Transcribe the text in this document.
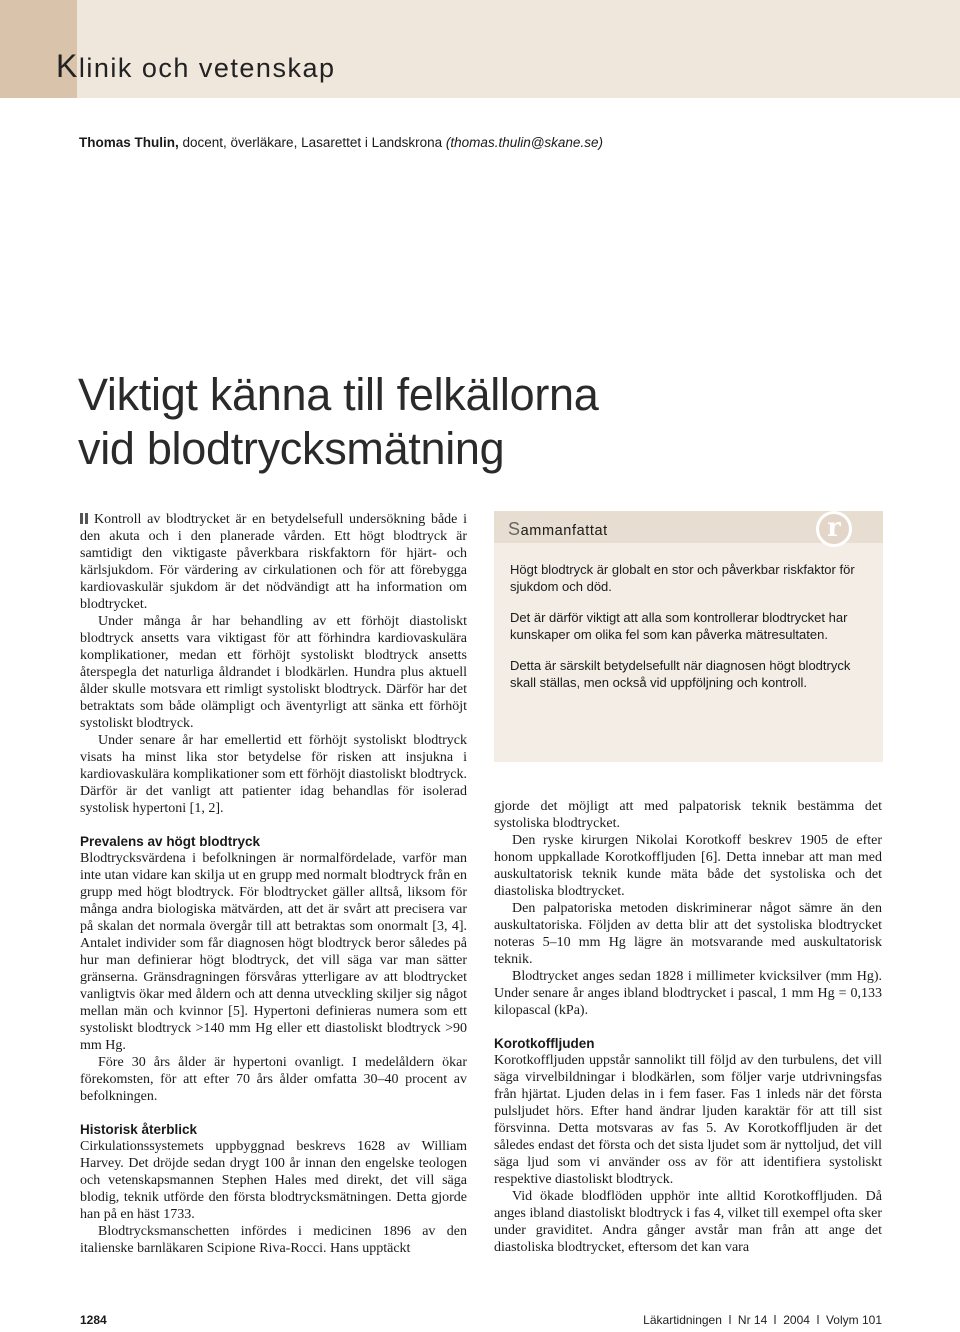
Klinik och vetenskap
Thomas Thulin, docent, överläkare, Lasarettet i Landskrona (thomas.thulin@skane.se)
Viktigt känna till felkällorna
vid blodtrycksmätning

Kontroll av blodtrycket är en betydelsefull undersökning både i den akuta och i den planerade vården. Ett högt blodtryck är samtidigt den viktigaste påverkbara riskfaktorn för hjärt- och kärlsjukdom. För värdering av cirkulationen och för att förebygga kardiovaskulär sjukdom är det nödvändigt att ha information om blodtrycket.

Under många år har behandling av ett förhöjt diastoliskt blodtryck ansetts vara viktigast för att förhindra kardiovaskulära komplikationer, medan ett förhöjt systoliskt blodtryck ansetts återspegla det naturliga åldrandet i blodkärlen. Hundra plus aktuell ålder skulle motsvara ett rimligt systoliskt blodtryck. Därför har det betraktats som både olämpligt och äventyrligt att sänka ett förhöjt systoliskt blodtryck.

Under senare år har emellertid ett förhöjt systoliskt blodtryck visats ha minst lika stor betydelse för risken att insjukna i kardiovaskulära komplikationer som ett förhöjt diastoliskt blodtryck. Därför är det vanligt att patienter idag behandlas för isolerad systolisk hypertoni [1, 2].

Prevalens av högt blodtryck

Blodtrycksvärdena i befolkningen är normalfördelade, varför man inte utan vidare kan skilja ut en grupp med normalt blodtryck från en grupp med högt blodtryck. För blodtrycket gäller alltså, liksom för många andra biologiska mätvärden, att det är svårt att precisera var på skalan det normala övergår till att betraktas som onormalt [3, 4]. Antalet individer som får diagnosen högt blodtryck beror således på hur man definierar högt blodtryck, det vill säga var man sätter gränserna. Gränsdragningen försvåras ytterligare av att blodtrycket vanligtvis ökar med åldern och att denna utveckling skiljer sig något mellan män och kvinnor [5]. Hypertoni definieras numera som ett systoliskt blodtryck >140 mm Hg eller ett diastoliskt blodtryck >90 mm Hg.

Före 30 års ålder är hypertoni ovanligt. I medelåldern ökar förekomsten, för att efter 70 års ålder omfatta 30–40 procent av befolkningen.

Historisk återblick

Cirkulationssystemets uppbyggnad beskrevs 1628 av William Harvey. Det dröjde sedan drygt 100 år innan den engelske teologen och vetenskapsmannen Stephen Hales med direkt, det vill säga blodig, teknik utförde den första blodtrycksmätningen. Detta gjorde han på en häst 1733.

Blodtrycksmanschetten infördes i medicinen 1896 av den italienske barnläkaren Scipione Riva-Rocci. Hans upptäckt

Sammanfattat	r

Högt blodtryck är globalt en stor och påverkbar riskfaktor för sjukdom och död.

Det är därför viktigt att alla som kontrollerar blodtrycket har kunskaper om olika fel som kan påverka mätresultaten.

Detta är särskilt betydelsefullt när diagnosen högt blodtryck skall ställas, men också vid uppföljning och kontroll.

gjorde det möjligt att med palpatorisk teknik bestämma det systoliska blodtrycket.

Den ryske kirurgen Nikolai Korotkoff beskrev 1905 de efter honom uppkallade Korotkoffljuden [6]. Detta innebar att man med auskultatorisk teknik kunde mäta både det systoliska och det diastoliska blodtrycket.

Den palpatoriska metoden diskriminerar något sämre än den auskultatoriska. Följden av detta blir att det systoliska blodtrycket noteras 5–10 mm Hg lägre än motsvarande med auskultatorisk teknik.

Blodtrycket anges sedan 1828 i millimeter kvicksilver (mm Hg). Under senare år anges ibland blodtrycket i pascal, 1 mm Hg = 0,133 kilopascal (kPa).

Korotkoffljuden

Korotkoffljuden uppstår sannolikt till följd av den turbulens, det vill säga virvelbildningar i blodkärlen, som följer varje utdrivningsfas från hjärtat. Ljuden delas in i fem faser. Fas 1 inleds när det första pulsljudet hörs. Efter hand ändrar ljuden karaktär för att till sist försvinna. Detta motsvaras av fas 5. Av Korotkoffljuden är det således endast det första och det sista ljudet som är nyttoljud, det vill säga ljud som vi använder oss av för att identifiera systoliskt respektive diastoliskt blodtryck.

Vid ökade blodflöden upphör inte alltid Korotkoffljuden. Då anges ibland diastoliskt blodtryck i fas 4, vilket till exempel ofta sker under graviditet. Andra gånger avstår man från att ange det diastoliska blodtrycket, eftersom det kan vara

1284	Läkartidningen Nr 14 2004 Volym 101
